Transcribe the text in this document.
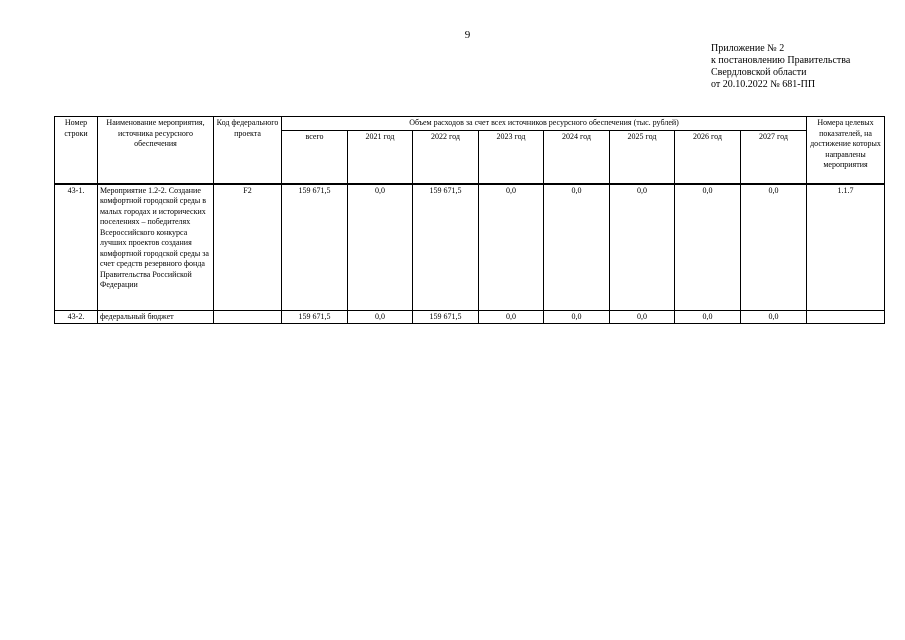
9
Приложение № 2
к постановлению Правительства
Свердловской области
от 20.10.2022 № 681-ПП
Номер строки	Наименование мероприятия, источника ресурсного обеспечения	Код федерального проекта	Объем расходов за счет всех источников ресурсного обеспечения (тыс. рублей)								Номера целевых показателей, на достижение которых направлены мероприятия
			всего	2021 год	2022 год	2023 год	2024 год	2025 год	2026 год	2027 год	
43-1.	Мероприятие 1.2-2. Создание комфортной городской среды в малых городах и исторических поселениях – победителях Всероссийского конкурса лучших проектов создания комфортной городской среды за счет средств резервного фонда Правительства Российской Федерации	F2	159 671,5	0,0	159 671,5	0,0	0,0	0,0	0,0	0,0	1.1.7
43-2.	федеральный бюджет		159 671,5	0,0	159 671,5	0,0	0,0	0,0	0,0	0,0	
